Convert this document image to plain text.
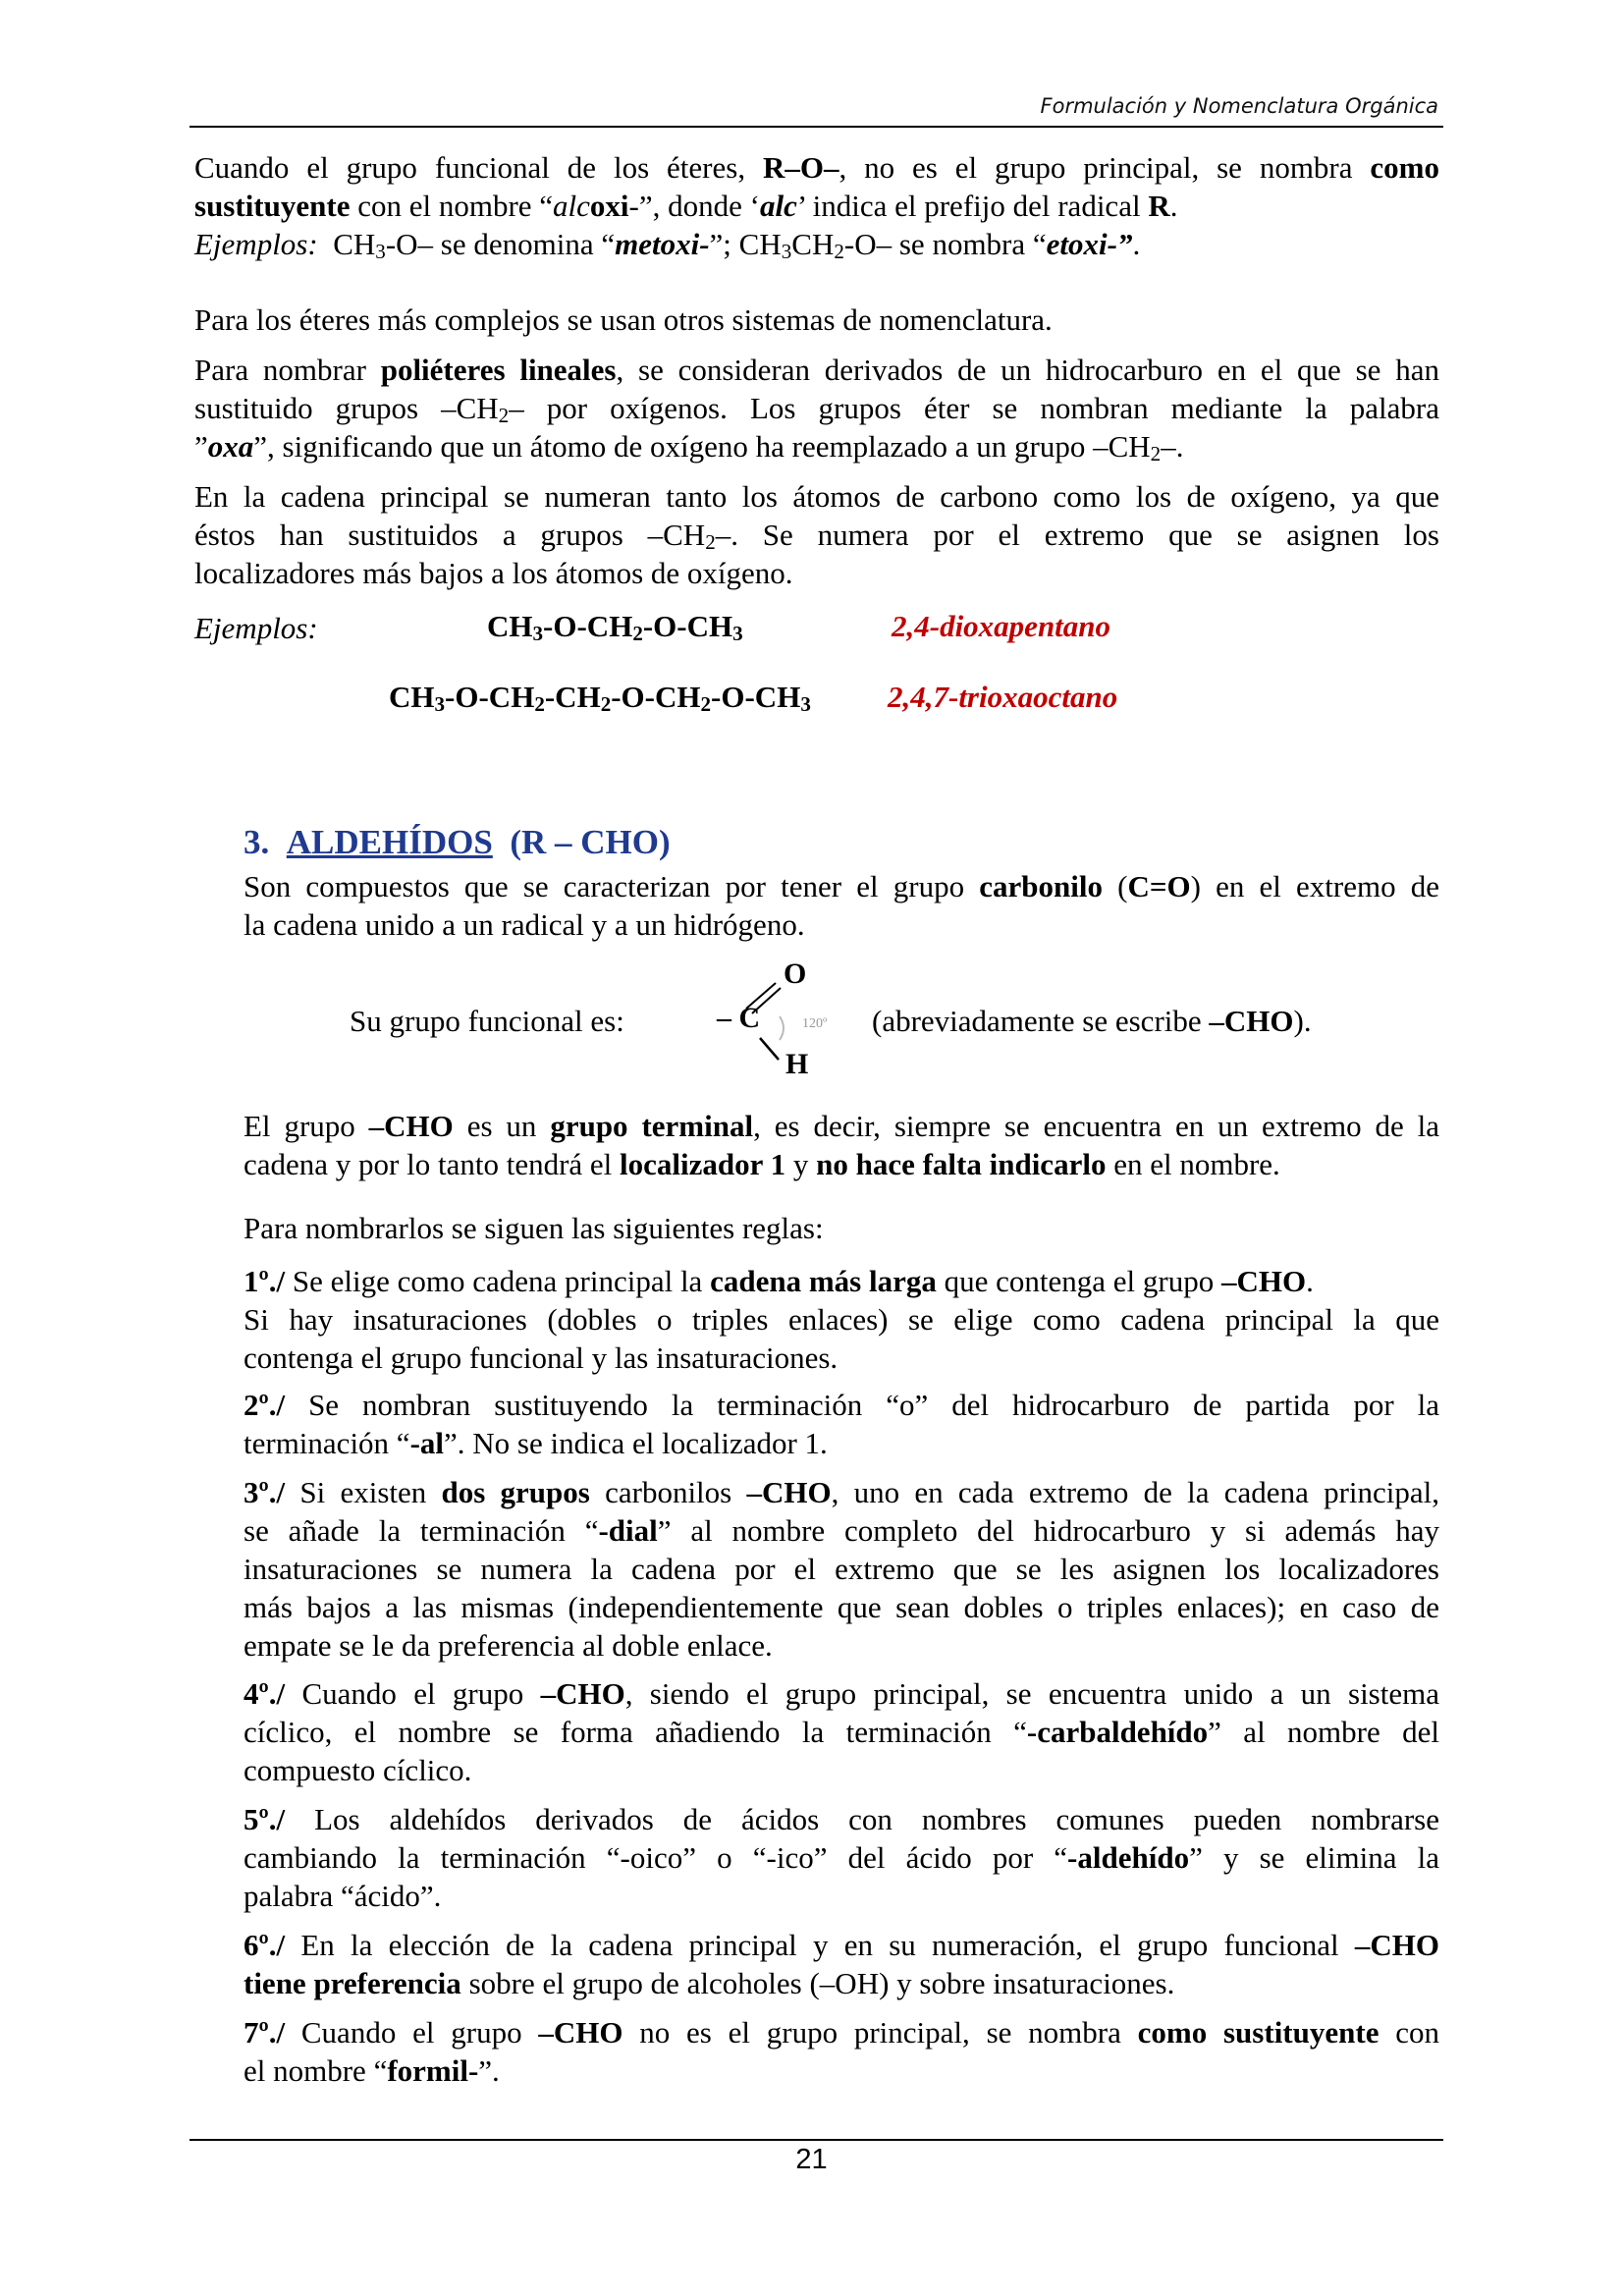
Formulación y Nomenclatura Orgánica
Cuando el grupo funcional de los éteres, R–O–, no es el grupo principal, se nombra como
sustituyente con el nombre “alcoxi-”, donde ‘alc’ indica el prefijo del radical R.
Ejemplos: $CH_3-O-$ se denomina “metoxi-”; $CH_3CH_2-O-$ se nombra “etoxi-”.
Para los éteres más complejos se usan otros sistemas de nomenclatura.
Para nombrar poliéteres lineales, se consideran derivados de un hidrocarburo en el que se han
sustituido grupos $-CH_2-$ por oxígenos. Los grupos éter se nombran mediante la palabra
”oxa”, significando que un átomo de oxígeno ha reemplazado a un grupo $-CH_2-$.
En la cadena principal se numeran tanto los átomos de carbono como los de oxígeno, ya que
éstos han sustituidos a grupos $-CH_2-$. Se numera por el extremo que se asignen los
localizadores más bajos a los átomos de oxígeno.
Ejemplos:	$CH_3-O-CH_2-O-CH_3$	2,4-dioxapentano
$CH_3-O-CH_2-CH_2-O-CH_2-O-CH_3$	2,4,7-trioxaoctano
3. ALDEHÍDOS (R – CHO)
Son compuestos que se caracterizan por tener el grupo carbonilo (C=O) en el extremo de
la cadena unido a un radical y a un hidrógeno.
Su grupo funcional es:
O
– C
H
120º (abreviadamente se escribe –CHO).
El grupo –CHO es un grupo terminal, es decir, siempre se encuentra en un extremo de la
cadena y por lo tanto tendrá el localizador 1 y no hace falta indicarlo en el nombre.
Para nombrarlos se siguen las siguientes reglas:
1º./ Se elige como cadena principal la cadena más larga que contenga el grupo –CHO.
Si hay insaturaciones (dobles o triples enlaces) se elige como cadena principal la que
contenga el grupo funcional y las insaturaciones.
2º./ Se nombran sustituyendo la terminación “o” del hidrocarburo de partida por la
terminación “-al”. No se indica el localizador 1.
3º./ Si existen dos grupos carbonilos –CHO, uno en cada extremo de la cadena principal,
se añade la terminación “-dial” al nombre completo del hidrocarburo y si además hay
insaturaciones se numera la cadena por el extremo que se les asignen los localizadores
más bajos a las mismas (independientemente que sean dobles o triples enlaces); en caso de
empate se le da preferencia al doble enlace.
4º./ Cuando el grupo –CHO, siendo el grupo principal, se encuentra unido a un sistema
cíclico, el nombre se forma añadiendo la terminación “-carbaldehído” al nombre del
compuesto cíclico.
5º./ Los aldehídos derivados de ácidos con nombres comunes pueden nombrarse
cambiando la terminación “-oico” o “-ico” del ácido por “-aldehído” y se elimina la
palabra “ácido”.
6º./ En la elección de la cadena principal y en su numeración, el grupo funcional –CHO
tiene preferencia sobre el grupo de alcoholes (–OH) y sobre insaturaciones.
7º./ Cuando el grupo –CHO no es el grupo principal, se nombra como sustituyente con
el nombre “formil-”.
21
